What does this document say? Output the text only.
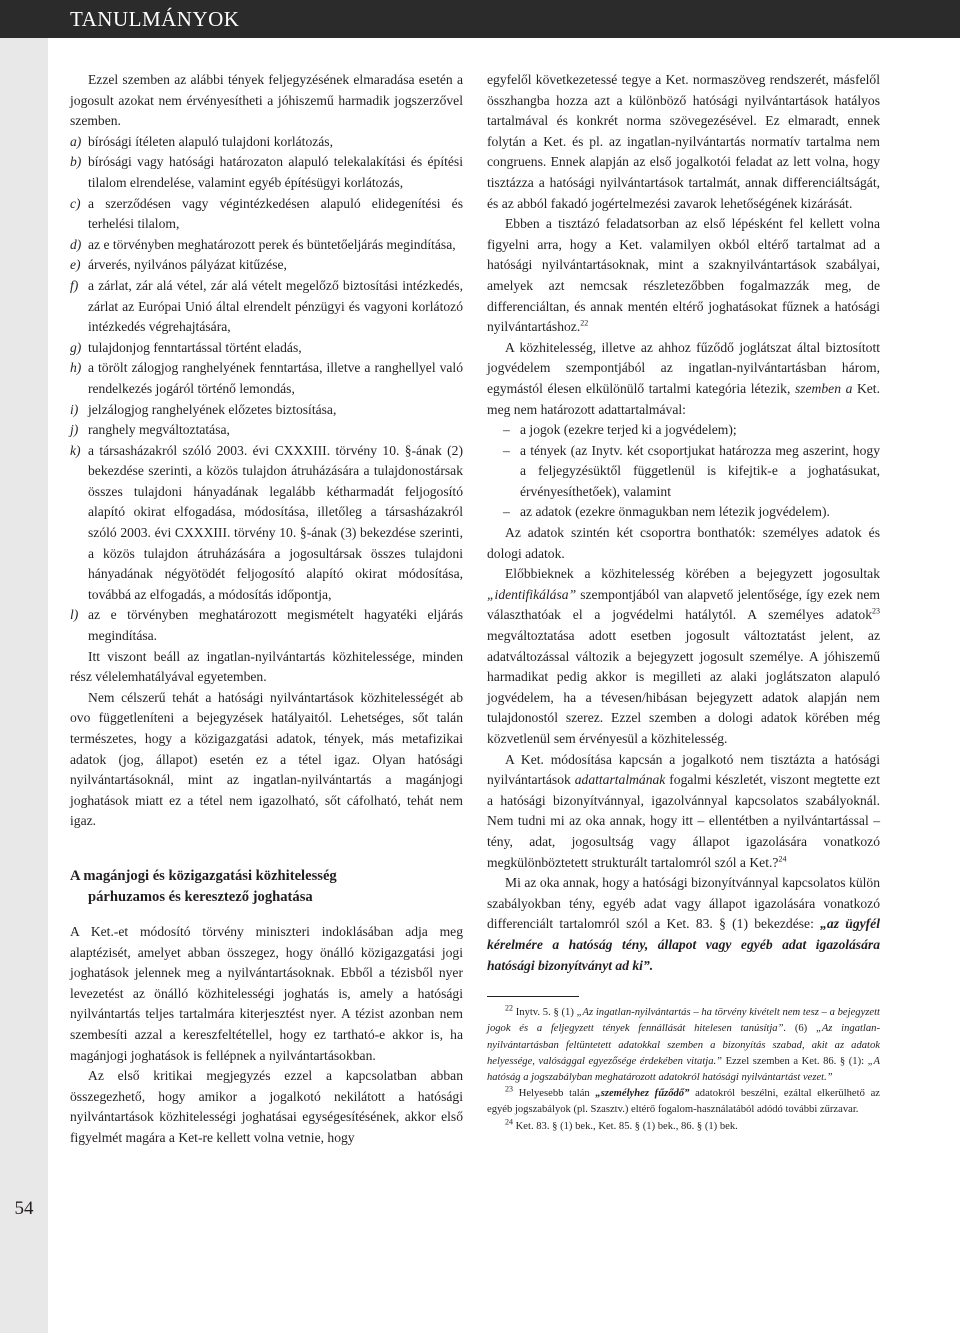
TANULMÁNYOK
54

Ezzel szemben az alábbi tények feljegyzésének elmaradása esetén a jogosult azokat nem érvényesítheti a jóhiszemű harmadik jogszerzővel szemben.

a) bírósági ítéleten alapuló tulajdoni korlátozás,
b) bírósági vagy hatósági határozaton alapuló telekalakítási és építési tilalom elrendelése, valamint egyéb építésügyi korlátozás,
c) a szerződésen vagy végintézkedésen alapuló elidegenítési és terhelési tilalom,
d) az e törvényben meghatározott perek és büntetőeljárás megindítása,
e) árverés, nyilvános pályázat kitűzése,
f) a zárlat, zár alá vétel, zár alá vételt megelőző biztosítási intézkedés, zárlat az Európai Unió által elrendelt pénzügyi és vagyoni korlátozó intézkedés végrehajtására,
g) tulajdonjog fenntartással történt eladás,
h) a törölt zálogjog ranghelyének fenntartása, illetve a ranghellyel való rendelkezés jogáról történő lemondás,
i) jelzálogjog ranghelyének előzetes biztosítása,
j) ranghely megváltoztatása,
k) a társasházakról szóló 2003. évi CXXXIII. törvény 10. §-ának (2) bekezdése szerinti, a közös tulajdon átruházására a tulajdonostársak összes tulajdoni hányadának legalább kétharmadát feljogosító alapító okirat elfogadása, módosítása, illetőleg a társasházakról szóló 2003. évi CXXXIII. törvény 10. §-ának (3) bekezdése szerinti, a közös tulajdon átruházására a jogosultársak összes tulajdoni hányadának négyötödét feljogosító alapító okirat módosítása, továbbá az elfogadás, a módosítás időpontja,
l) az e törvényben meghatározott megismételt hagyatéki eljárás megindítása.

Itt viszont beáll az ingatlan-nyilvántartás közhitelessége, minden rész vélelemhatályával egyetemben.

Nem célszerű tehát a hatósági nyilvántartások közhitelességét ab ovo függetleníteni a bejegyzések hatályaitól. Lehetséges, sőt talán természetes, hogy a közigazgatási adatok, tények, más metafizikai adatok (jog, állapot) esetén ez a tétel igaz. Olyan hatósági nyilvántartásoknál, mint az ingatlan-nyilvántartás a magánjogi joghatások miatt ez a tétel nem igazolható, sőt cáfolható, tehát nem igaz.

A magánjogi és közigazgatási közhitelesség
párhuzamos és keresztező joghatása

A Ket.-et módosító törvény miniszteri indoklásában adja meg alaptézisét, amelyet abban összegez, hogy önálló közigazgatási jogi joghatások jelennek meg a nyilvántartásoknak. Ebből a tézisből nyer levezetést az önálló közhitelességi joghatás is, amely a hatósági nyilvántartás teljes tartalmára kiterjesztést nyer. A tézist azonban nem szembesíti azzal a kereszfeltétellel, hogy ez tartható-e akkor is, ha magánjogi joghatások is fellépnek a nyilvántartásokban.

Az első kritikai megjegyzés ezzel a kapcsolatban abban összegezhető, hogy amikor a jogalkotó nekilátott a hatósági nyilvántartások közhitelességi joghatásai egységesítésének, akkor első figyelmét magára a Ket-re kellett volna vetnie, hogy

egyfelől következetessé tegye a Ket. normaszöveg rendszerét, másfelől összhangba hozza azt a különböző hatósági nyilvántartások hatályos tartalmával és konkrét norma szövegezésével. Ez elmaradt, ennek folytán a Ket. és pl. az ingatlan-nyilvántartás normatív tartalma nem congruens. Ennek alapján az első jogalkotói feladat az lett volna, hogy tisztázza a hatósági nyilvántartások tartalmát, annak differenciáltságát, és az abból fakadó jogértelmezési zavarok lehetőségének kizárását.

Ebben a tisztázó feladatsorban az első lépésként fel kellett volna figyelni arra, hogy a Ket. valamilyen okból eltérő tartalmat ad a hatósági nyilvántartásoknak, mint a szaknyilvántartások szabályai, amelyek azt nemcsak részletezőbben fogalmazzák meg, de differenciáltan, és annak mentén eltérő joghatásokat fűznek a hatósági nyilvántartáshoz.$^{22}$

A közhitelesség, illetve az ahhoz fűződő joglátszat által biztosított jogvédelem szempontjából az ingatlan-nyilvántartásban három, egymástól élesen elkülönülő tartalmi kategória létezik, szemben a Ket. meg nem határozott adattartalmával:

– a jogok (ezekre terjed ki a jogvédelem);
– a tények (az Inytv. két csoportjukat határozza meg aszerint, hogy a feljegyzésüktől függetlenül is kifejtik-e a joghatásukat, érvényesíthetőek), valamint
– az adatok (ezekre önmagukban nem létezik jogvédelem).

Az adatok szintén két csoportra bonthatók: személyes adatok és dologi adatok.

Előbbieknek a közhitelesség körében a bejegyzett jogosultak „identifikálása” szempontjából van alapvető jelentősége, így ezek nem választhatóak el a jogvédelmi hatálytól. A személyes adatok$^{23}$ megváltoztatása adott esetben jogosult változtatást jelent, az adatváltozással változik a bejegyzett jogosult személye. A jóhiszemű harmadikat pedig akkor is megilleti az alaki joglátszaton alapuló jogvédelem, ha a tévesen/hibásan bejegyzett adatok alapján nem tulajdonostól szerez. Ezzel szemben a dologi adatok körében még közvetlenül sem érvényesül a közhitelesség.

A Ket. módosítása kapcsán a jogalkotó nem tisztázta a hatósági nyilvántartások adattartalmának fogalmi készletét, viszont megtette ezt a hatósági bizonyítvánnyal, igazolvánnyal kapcsolatos szabályoknál. Nem tudni mi az oka annak, hogy itt – ellentétben a nyilvántartással – tény, adat, jogosultság vagy állapot igazolására vonatkozó megkülönböztetett strukturált tartalomról szól a Ket.?$^{24}$

Mi az oka annak, hogy a hatósági bizonyítvánnyal kapcsolatos külön szabályokban tény, egyéb adat vagy állapot igazolására vonatkozó differenciált tartalomról szól a Ket. 83. § (1) bekezdése: „az ügyfél kérelmére a hatóság tény, állapot vagy egyéb adat igazolására hatósági bizonyítványt ad ki”.

$^{22}$ Inytv. 5. § (1) „Az ingatlan-nyilvántartás – ha törvény kivételt nem tesz – a bejegyzett jogok és a feljegyzett tények fennállását hitelesen tanúsítja”. (6) „Az ingatlan-nyilvántartásban feltüntetett adatokkal szemben a bizonyítás szabad, akit az adatok helyessége, valósággal egyezősége érdekében vitatja.” Ezzel szemben a Ket. 86. § (1): „A hatóság a jogszabályban meghatározott adatokról hatósági nyilvántartást vezet.”

$^{23}$ Helyesebb talán „személyhez fűződő” adatokról beszélni, ezáltal elkerülhető az egyéb jogszabályok (pl. Szasztv.) eltérő fogalom-használatából adódó további zűrzavar.

$^{24}$ Ket. 83. § (1) bek., Ket. 85. § (1) bek., 86. § (1) bek.
